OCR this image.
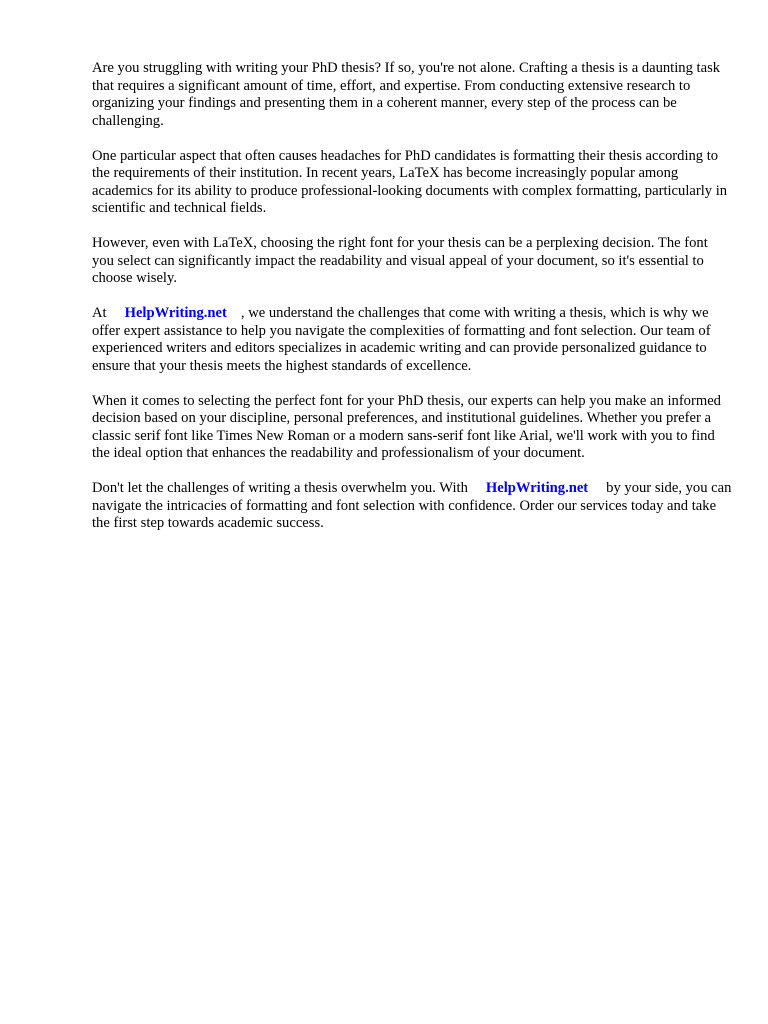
Are you struggling with writing your PhD thesis? If so, you're not alone. Crafting a thesis is a daunting task that requires a significant amount of time, effort, and expertise. From conducting extensive research to organizing your findings and presenting them in a coherent manner, every step of the process can be challenging.

One particular aspect that often causes headaches for PhD candidates is formatting their thesis according to the requirements of their institution. In recent years, LaTeX has become increasingly popular among academics for its ability to produce professional-looking documents with complex formatting, particularly in scientific and technical fields.

However, even with LaTeX, choosing the right font for your thesis can be a perplexing decision. The font you select can significantly impact the readability and visual appeal of your document, so it's essential to choose wisely.

At HelpWriting.net , we understand the challenges that come with writing a thesis, which is why we offer expert assistance to help you navigate the complexities of formatting and font selection. Our team of experienced writers and editors specializes in academic writing and can provide personalized guidance to ensure that your thesis meets the highest standards of excellence.

When it comes to selecting the perfect font for your PhD thesis, our experts can help you make an informed decision based on your discipline, personal preferences, and institutional guidelines. Whether you prefer a classic serif font like Times New Roman or a modern sans-serif font like Arial, we'll work with you to find the ideal option that enhances the readability and professionalism of your document.

Don't let the challenges of writing a thesis overwhelm you. With HelpWriting.net by your side, you can navigate the intricacies of formatting and font selection with confidence. Order our services today and take the first step towards academic success.
